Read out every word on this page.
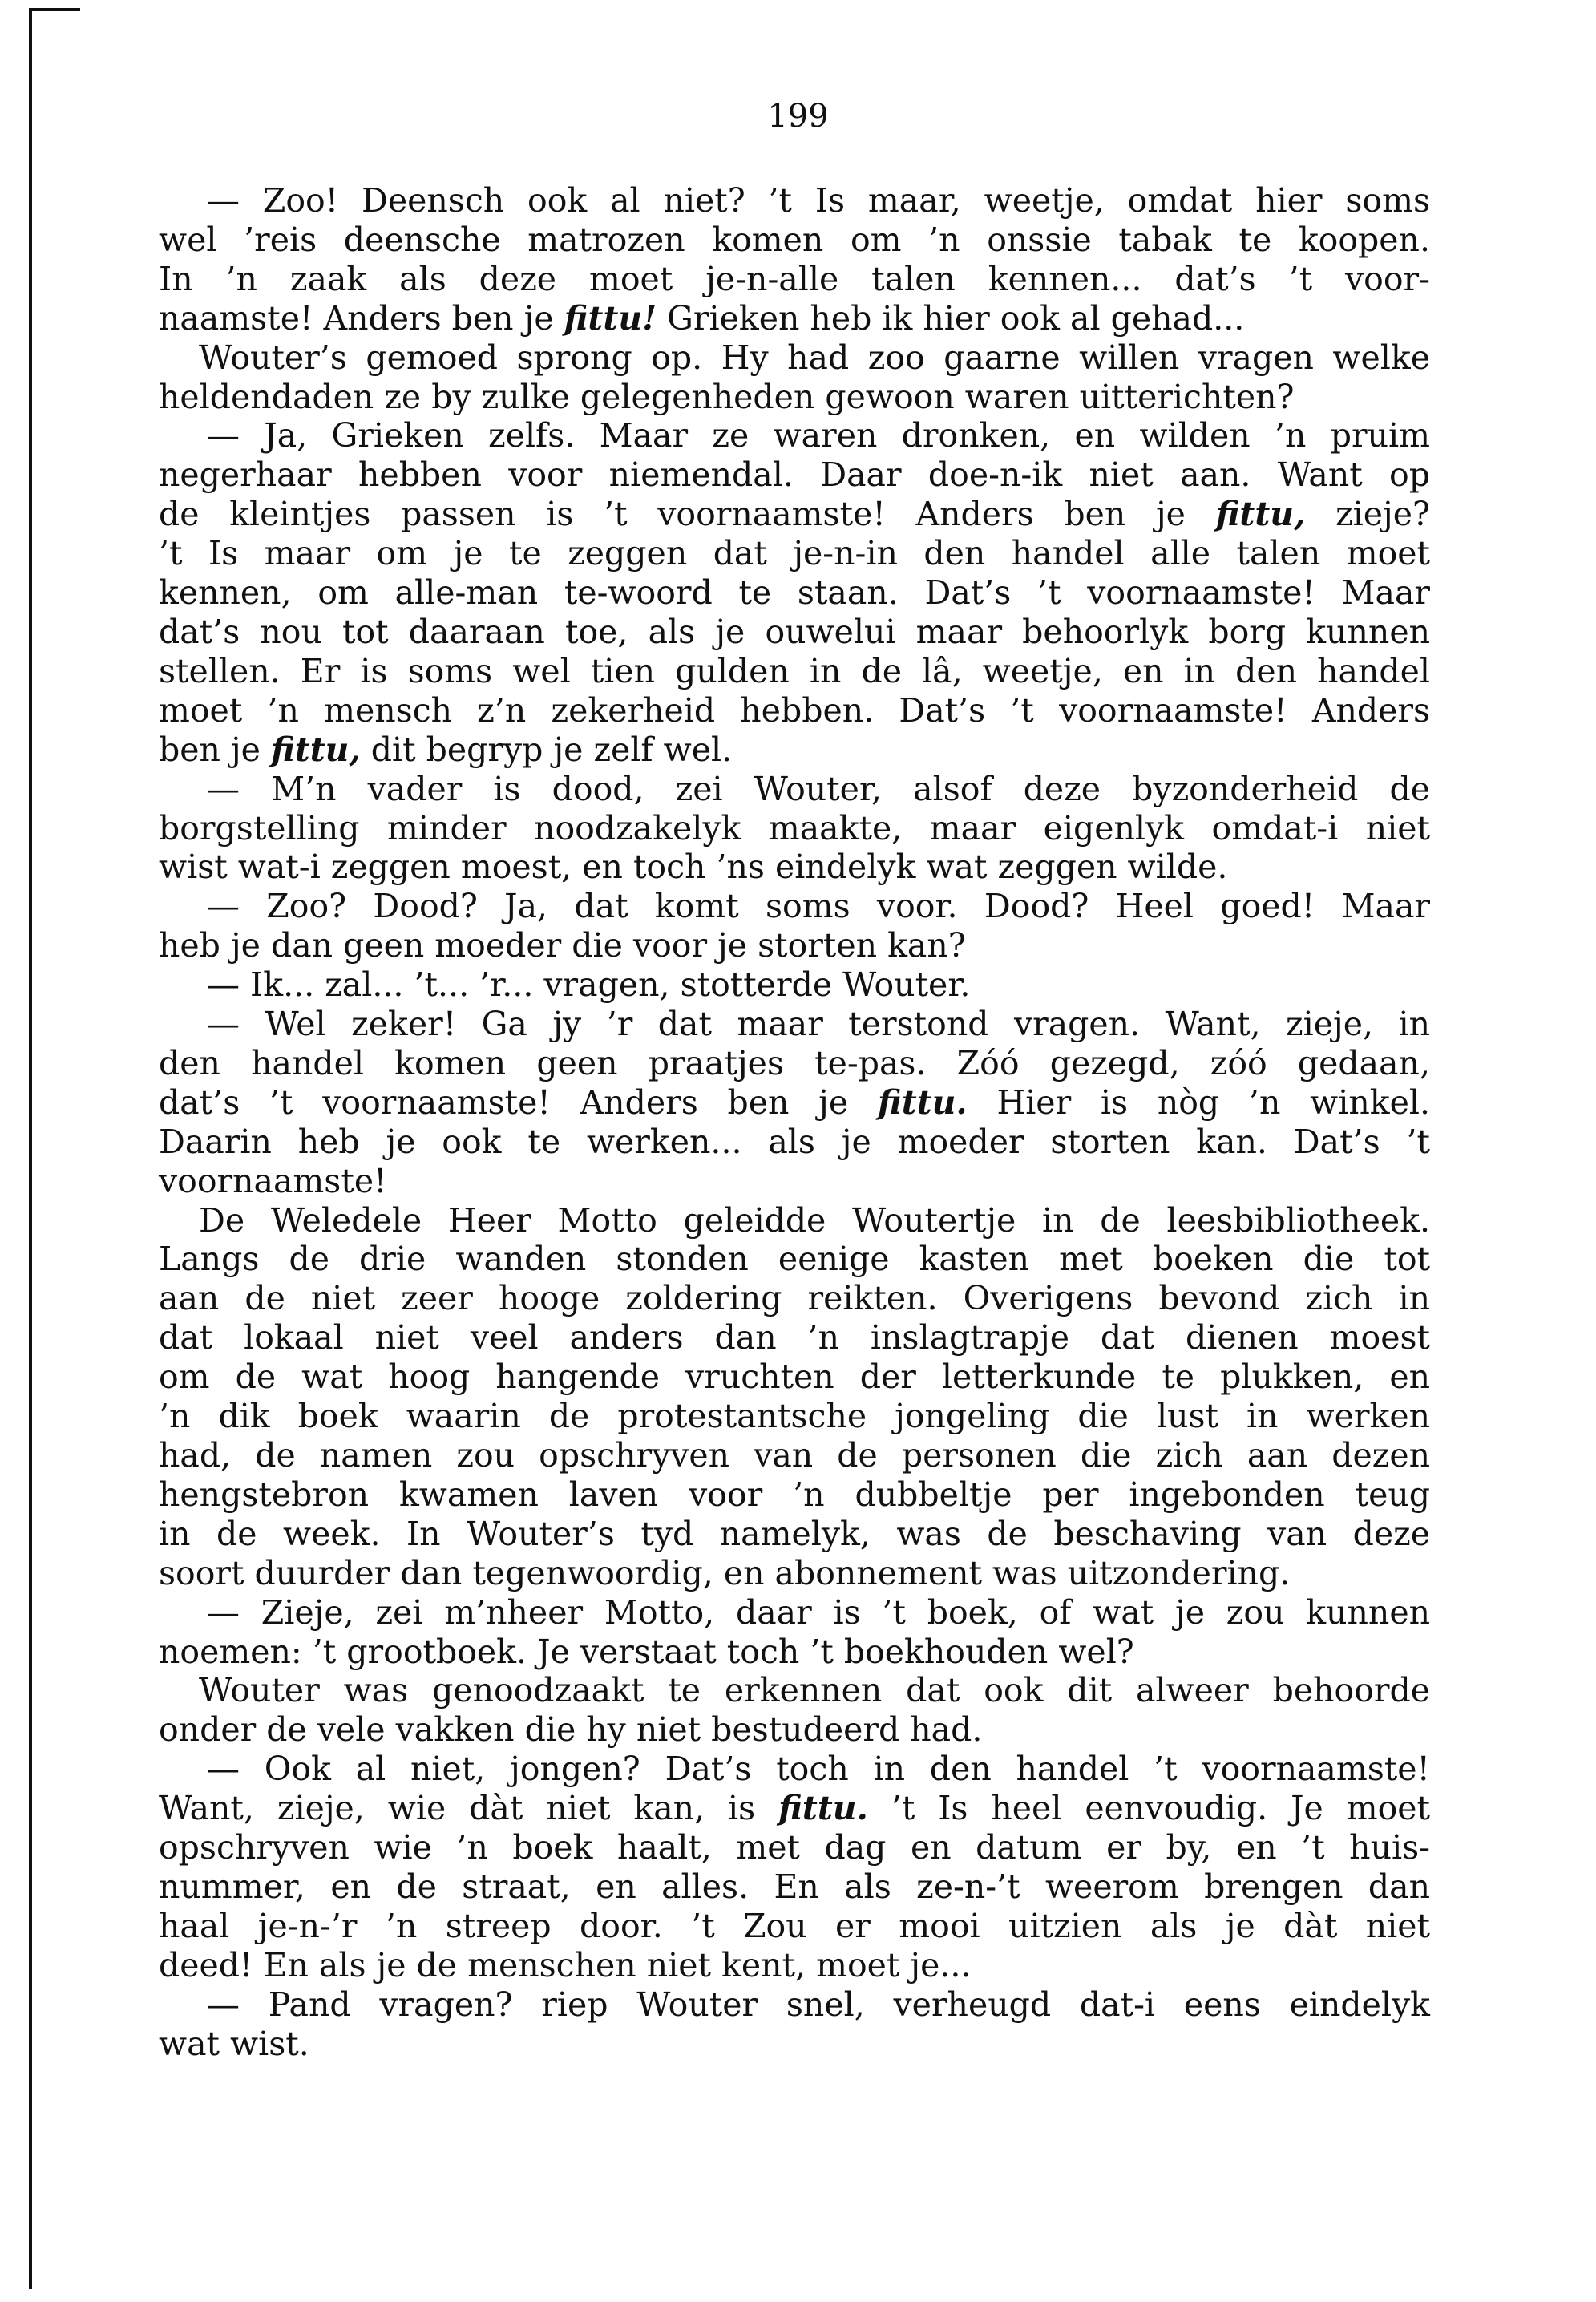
199
— Zoo! Deensch ook al niet? ’t Is maar, weetje, omdat hier soms
wel ’reis deensche matrozen komen om ’n onssie tabak te koopen.
In ’n zaak als deze moet je-n-alle talen kennen... dat’s ’t voor-
naamste! Anders ben je fittu! Grieken heb ik hier ook al gehad...
Wouter’s gemoed sprong op. Hy had zoo gaarne willen vragen welke
heldendaden ze by zulke gelegenheden gewoon waren uitterichten?
— Ja, Grieken zelfs. Maar ze waren dronken, en wilden ’n pruim
negerhaar hebben voor niemendal. Daar doe-n-ik niet aan. Want op
de kleintjes passen is ’t voornaamste! Anders ben je fittu, zieje?
’t Is maar om je te zeggen dat je-n-in den handel alle talen moet
kennen, om alle-man te-woord te staan. Dat’s ’t voornaamste! Maar
dat’s nou tot daaraan toe, als je ouwelui maar behoorlyk borg kunnen
stellen. Er is soms wel tien gulden in de lâ, weetje, en in den handel
moet ’n mensch z’n zekerheid hebben. Dat’s ’t voornaamste! Anders
ben je fittu, dit begryp je zelf wel.
— M’n vader is dood, zei Wouter, alsof deze byzonderheid de
borgstelling minder noodzakelyk maakte, maar eigenlyk omdat-i niet
wist wat-i zeggen moest, en toch ’ns eindelyk wat zeggen wilde.
— Zoo? Dood? Ja, dat komt soms voor. Dood? Heel goed! Maar
heb je dan geen moeder die voor je storten kan?
— Ik... zal... ’t... ’r... vragen, stotterde Wouter.
— Wel zeker! Ga jy ’r dat maar terstond vragen. Want, zieje, in
den handel komen geen praatjes te-pas. Zóó gezegd, zóó gedaan,
dat’s ’t voornaamste! Anders ben je fittu. Hier is nòg ’n winkel.
Daarin heb je ook te werken... als je moeder storten kan. Dat’s ’t
voornaamste!
De Weledele Heer Motto geleidde Woutertje in de leesbibliotheek.
Langs de drie wanden stonden eenige kasten met boeken die tot
aan de niet zeer hooge zoldering reikten. Overigens bevond zich in
dat lokaal niet veel anders dan ’n inslagtrapje dat dienen moest
om de wat hoog hangende vruchten der letterkunde te plukken, en
’n dik boek waarin de protestantsche jongeling die lust in werken
had, de namen zou opschryven van de personen die zich aan dezen
hengstebron kwamen laven voor ’n dubbeltje per ingebonden teug
in de week. In Wouter’s tyd namelyk, was de beschaving van deze
soort duurder dan tegenwoordig, en abonnement was uitzondering.
— Zieje, zei m’nheer Motto, daar is ’t boek, of wat je zou kunnen
noemen: ’t grootboek. Je verstaat toch ’t boekhouden wel?
Wouter was genoodzaakt te erkennen dat ook dit alweer behoorde
onder de vele vakken die hy niet bestudeerd had.
— Ook al niet, jongen? Dat’s toch in den handel ’t voornaamste!
Want, zieje, wie dàt niet kan, is fittu. ’t Is heel eenvoudig. Je moet
opschryven wie ’n boek haalt, met dag en datum er by, en ’t huis-
nummer, en de straat, en alles. En als ze-n-’t weerom brengen dan
haal je-n-’r ’n streep door. ’t Zou er mooi uitzien als je dàt niet
deed! En als je de menschen niet kent, moet je...
— Pand vragen? riep Wouter snel, verheugd dat-i eens eindelyk
wat wist.
